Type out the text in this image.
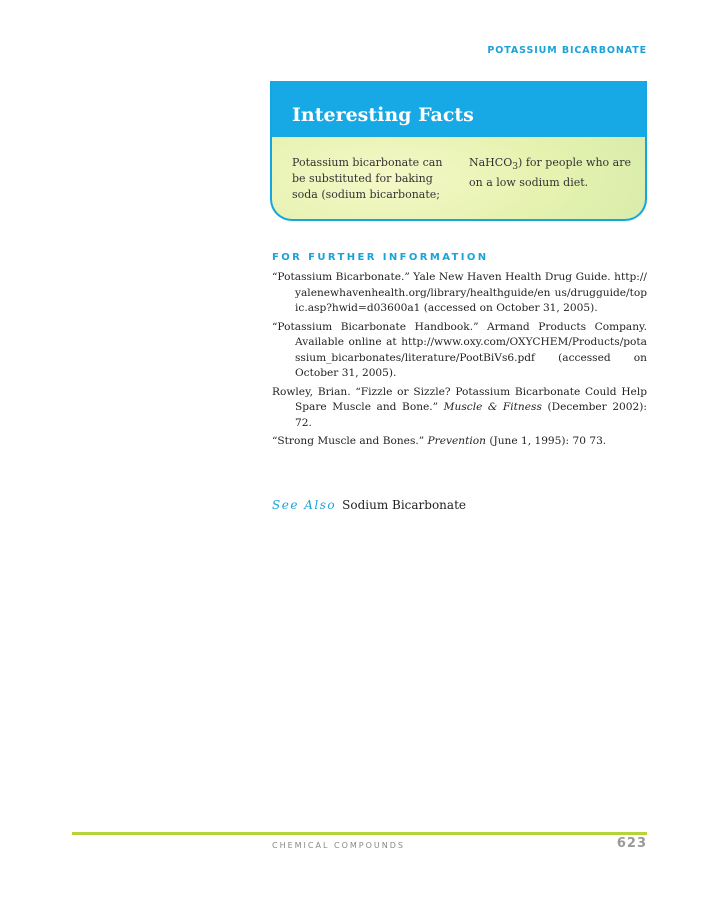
POTASSIUM BICARBONATE
Interesting Facts
Potassium bicarbonate can be substituted for baking soda (sodium bicarbonate;
NaHCO$_3$) for people who are on a low sodium diet.
FOR FURTHER INFORMATION
“Potassium Bicarbonate.” Yale New Haven Health Drug Guide. http://yalenewhavenhealth.org/library/healthguide/en us/drugguide/topic.asp?hwid=d03600a1 (accessed on October 31, 2005).
“Potassium Bicarbonate Handbook.” Armand Products Company. Available online at http://www.oxy.com/OXYCHEM/Products/potassium_bicarbonates/literature/PootBiVs6.pdf (accessed on October 31, 2005).
Rowley, Brian. “Fizzle or Sizzle? Potassium Bicarbonate Could Help Spare Muscle and Bone.” Muscle & Fitness (December 2002): 72.
“Strong Muscle and Bones.” Prevention (June 1, 1995): 70 73.
See Also Sodium Bicarbonate
CHEMICAL COMPOUNDS	623
